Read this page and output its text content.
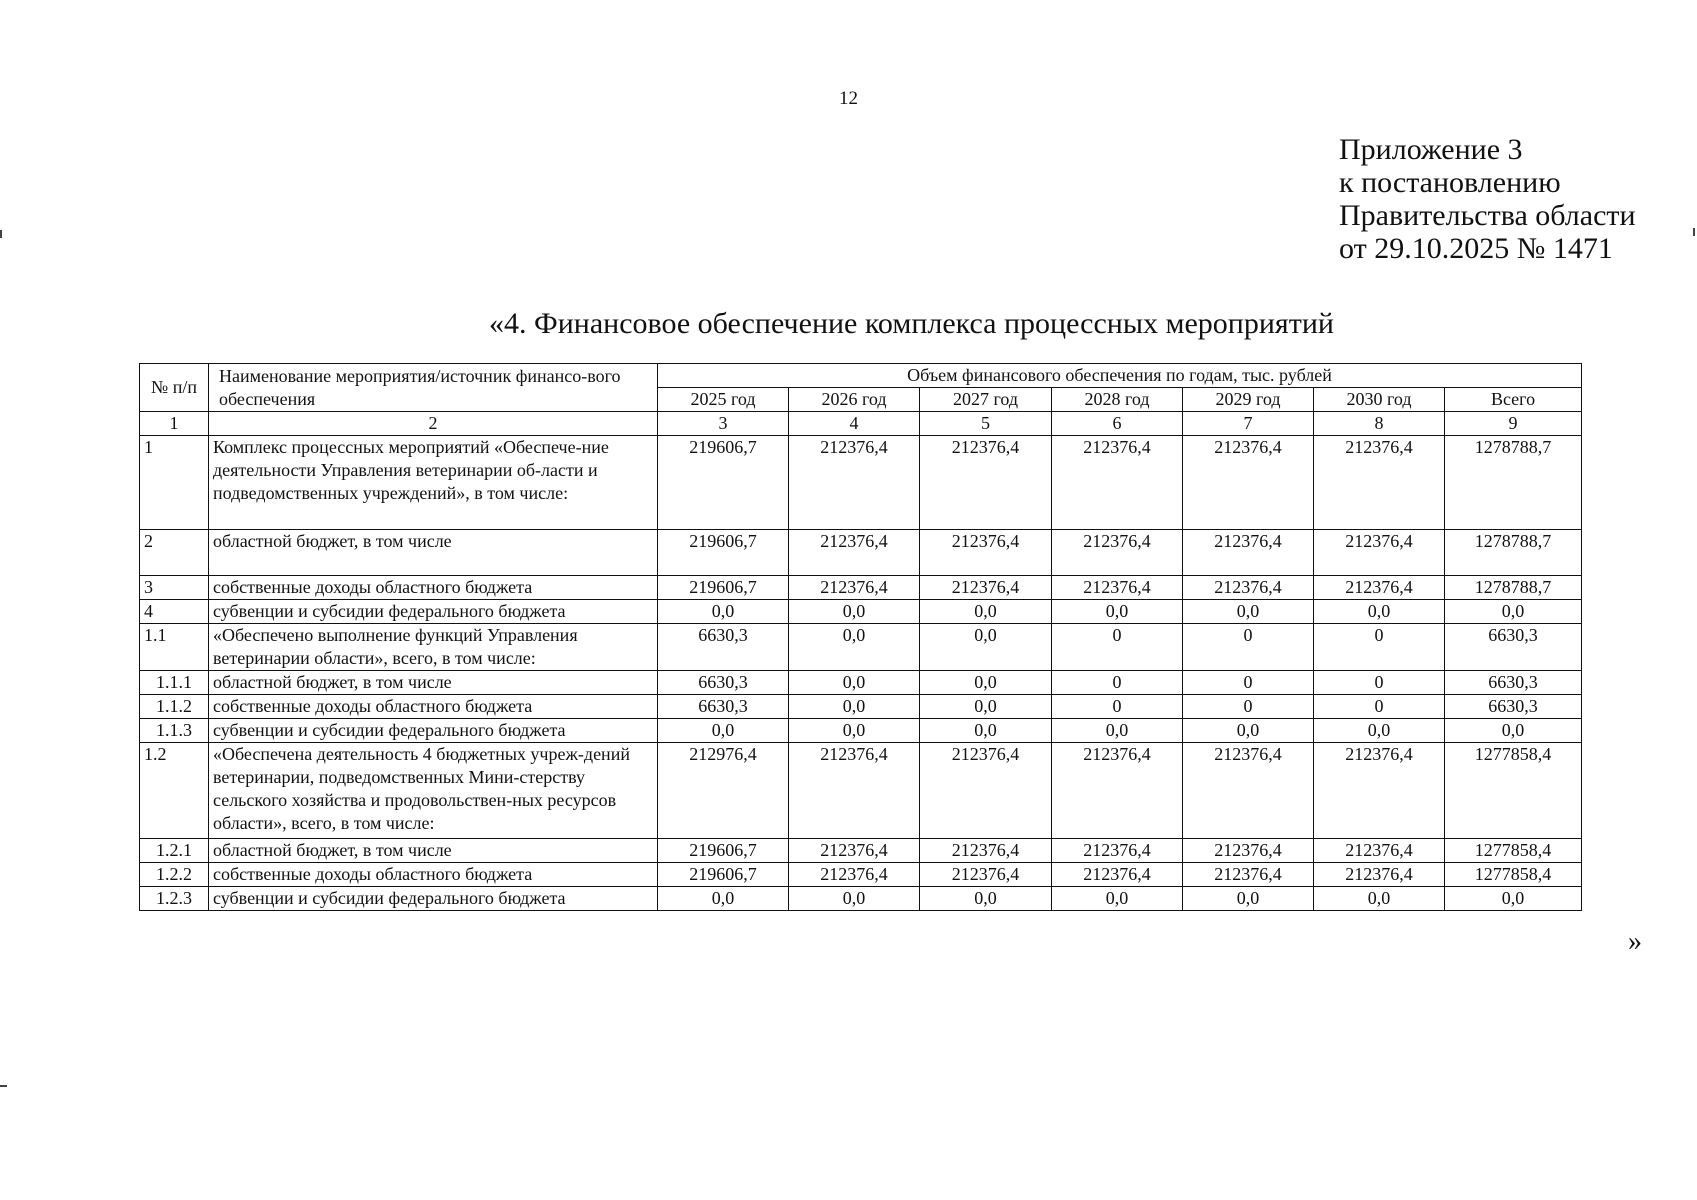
12
Приложение 3
к постановлению
Правительства области
от 29.10.2025 № 1471
«4. Финансовое обеспечение комплекса процессных мероприятий
№ п/п	Наименование мероприятия/источник финансо-вого обеспечения	Объем финансового обеспечения по годам, тыс. рублей						
		2025 год	2026 год	2027 год	2028 год	2029 год	2030 год	Всего
1	2	3	4	5	6	7	8	9
1	Комплекс процессных мероприятий «Обеспече-ние деятельности Управления ветеринарии об-ласти и подведомственных учреждений», в том числе:	219606,7	212376,4	212376,4	212376,4	212376,4	212376,4	1278788,7
2	областной бюджет, в том числе	219606,7	212376,4	212376,4	212376,4	212376,4	212376,4	1278788,7
3	собственные доходы областного бюджета	219606,7	212376,4	212376,4	212376,4	212376,4	212376,4	1278788,7
4	субвенции и субсидии федерального бюджета	0,0	0,0	0,0	0,0	0,0	0,0	0,0
1.1	«Обеспечено выполнение функций Управления ветеринарии области», всего, в том числе:	6630,3	0,0	0,0	0	0	0	6630,3
1.1.1	областной бюджет, в том числе	6630,3	0,0	0,0	0	0	0	6630,3
1.1.2	собственные доходы областного бюджета	6630,3	0,0	0,0	0	0	0	6630,3
1.1.3	субвенции и субсидии федерального бюджета	0,0	0,0	0,0	0,0	0,0	0,0	0,0
1.2	«Обеспечена деятельность 4 бюджетных учреж-дений ветеринарии, подведомственных Мини-стерству сельского хозяйства и продовольствен-ных ресурсов области», всего, в том числе:	212976,4	212376,4	212376,4	212376,4	212376,4	212376,4	1277858,4
1.2.1	областной бюджет, в том числе	219606,7	212376,4	212376,4	212376,4	212376,4	212376,4	1277858,4
1.2.2	собственные доходы областного бюджета	219606,7	212376,4	212376,4	212376,4	212376,4	212376,4	1277858,4
1.2.3	субвенции и субсидии федерального бюджета	0,0	0,0	0,0	0,0	0,0	0,0	0,0
»
